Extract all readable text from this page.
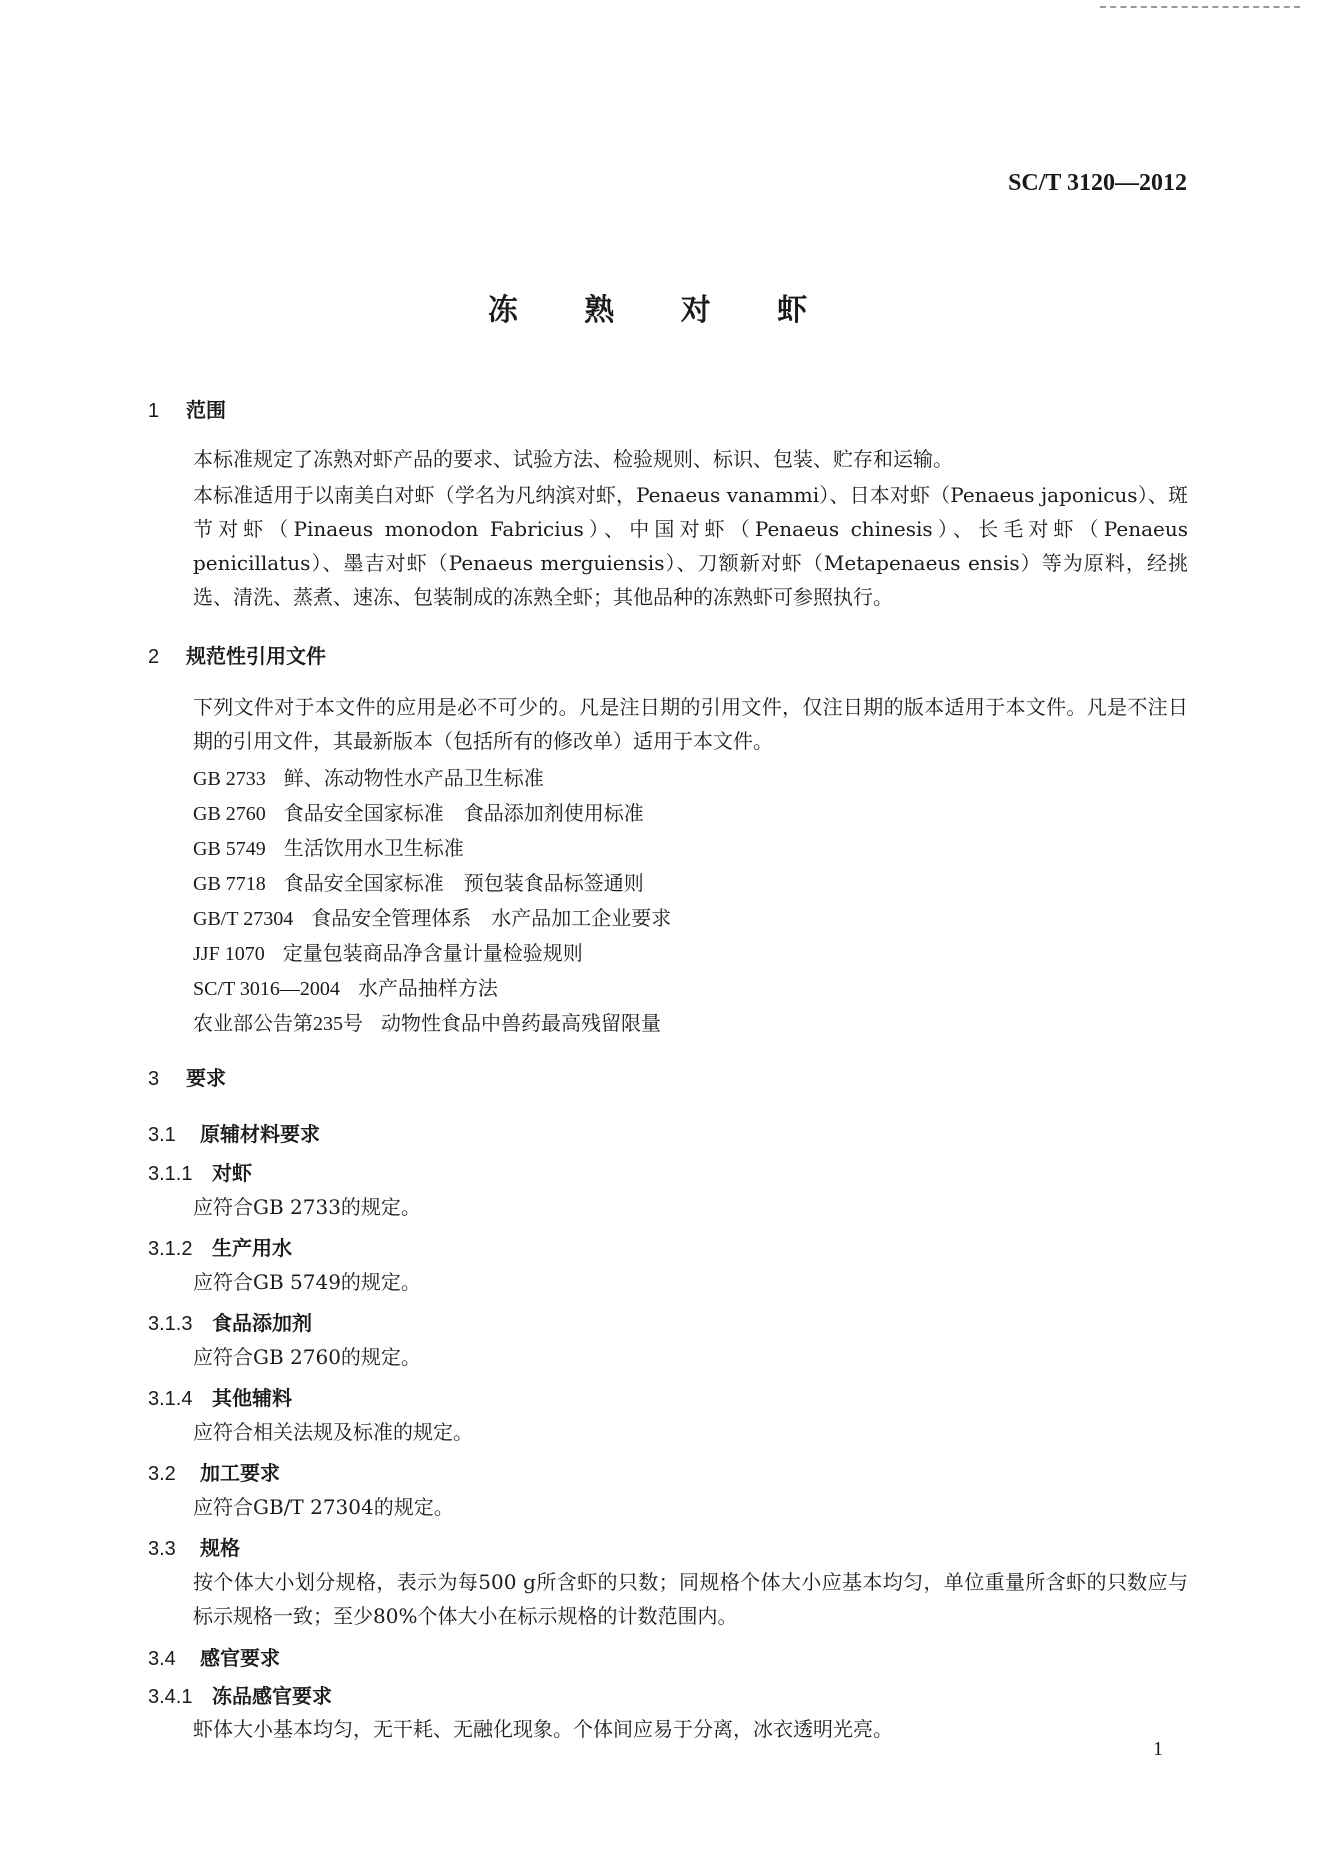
SC/T 3120—2012
冻 熟 对 虾
1 范围
本标准规定了冻熟对虾产品的要求、试验方法、检验规则、标识、包装、贮存和运输。
本标准适用于以南美白对虾（学名为凡纳滨对虾，Penaeus vanammi）、日本对虾（Penaeus japonicus）、斑节对虾（Pinaeus monodon Fabricius）、中国对虾（Penaeus chinesis）、长毛对虾（Penaeus penicillatus）、墨吉对虾（Penaeus merguiensis）、刀额新对虾（Metapenaeus ensis）等为原料，经挑选、清洗、蒸煮、速冻、包装制成的冻熟全虾；其他品种的冻熟虾可参照执行。
2 规范性引用文件
下列文件对于本文件的应用是必不可少的。凡是注日期的引用文件，仅注日期的版本适用于本文件。凡是不注日期的引用文件，其最新版本（包括所有的修改单）适用于本文件。
GB 2733 鲜、冻动物性水产品卫生标准
GB 2760 食品安全国家标准　食品添加剂使用标准
GB 5749 生活饮用水卫生标准
GB 7718 食品安全国家标准　预包装食品标签通则
GB/T 27304 食品安全管理体系　水产品加工企业要求
JJF 1070 定量包装商品净含量计量检验规则
SC/T 3016—2004 水产品抽样方法
农业部公告第235号 动物性食品中兽药最高残留限量
3 要求
3.1 原辅材料要求
3.1.1 对虾
应符合GB 2733的规定。
3.1.2 生产用水
应符合GB 5749的规定。
3.1.3 食品添加剂
应符合GB 2760的规定。
3.1.4 其他辅料
应符合相关法规及标准的规定。
3.2 加工要求
应符合GB/T 27304的规定。
3.3 规格
按个体大小划分规格，表示为每500 g所含虾的只数；同规格个体大小应基本均匀，单位重量所含虾的只数应与标示规格一致；至少80%个体大小在标示规格的计数范围内。
3.4 感官要求
3.4.1 冻品感官要求
虾体大小基本均匀，无干耗、无融化现象。个体间应易于分离，冰衣透明光亮。
1
